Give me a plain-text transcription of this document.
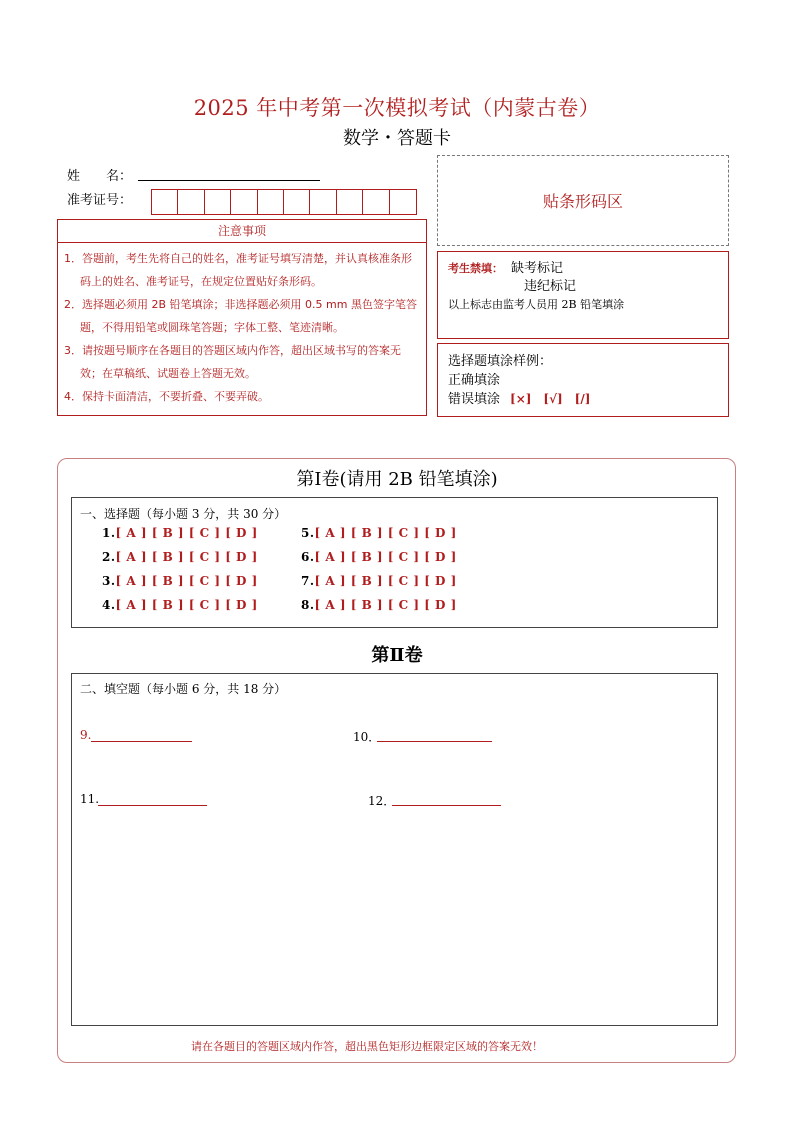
2025 年中考第一次模拟考试（内蒙古卷）
数学・答题卡
姓　　名：
准考证号：	贴条形码区
注意事项
1．答题前，考生先将自己的姓名，准考证号填写清楚，并认真核准条形码上的姓名、准考证号，在规定位置贴好条形码。
2．选择题必须用 2B 铅笔填涂；非选择题必须用 0.5 mm 黑色签字笔答题，不得用铅笔或圆珠笔答题；字体工整、笔迹清晰。
3．请按题号顺序在各题目的答题区域内作答，超出区域书写的答案无效；在草稿纸、试题卷上答题无效。
4．保持卡面清洁，不要折叠、不要弄破。
考生禁填： 缺考标记
违纪标记
以上标志由监考人员用 2B 铅笔填涂
选择题填涂样例：
正确填涂
错误填涂 [×]　[√]　[/]
第Ⅰ卷(请用 2B 铅笔填涂)
一、选择题（每小题 3 分，共 30 分）
1.[ A ] [ B ] [ C ] [ D ]
2.[ A ] [ B ] [ C ] [ D ]
3.[ A ] [ B ] [ C ] [ D ]
4.[ A ] [ B ] [ C ] [ D ]
5.[ A ] [ B ] [ C ] [ D ]
6.[ A ] [ B ] [ C ] [ D ]
7.[ A ] [ B ] [ C ] [ D ]
8.[ A ] [ B ] [ C ] [ D ]
第Ⅱ卷
二、填空题（每小题 6 分，共 18 分）
9.	10．
11.	12．
请在各题目的答题区域内作答，超出黑色矩形边框限定区域的答案无效！
